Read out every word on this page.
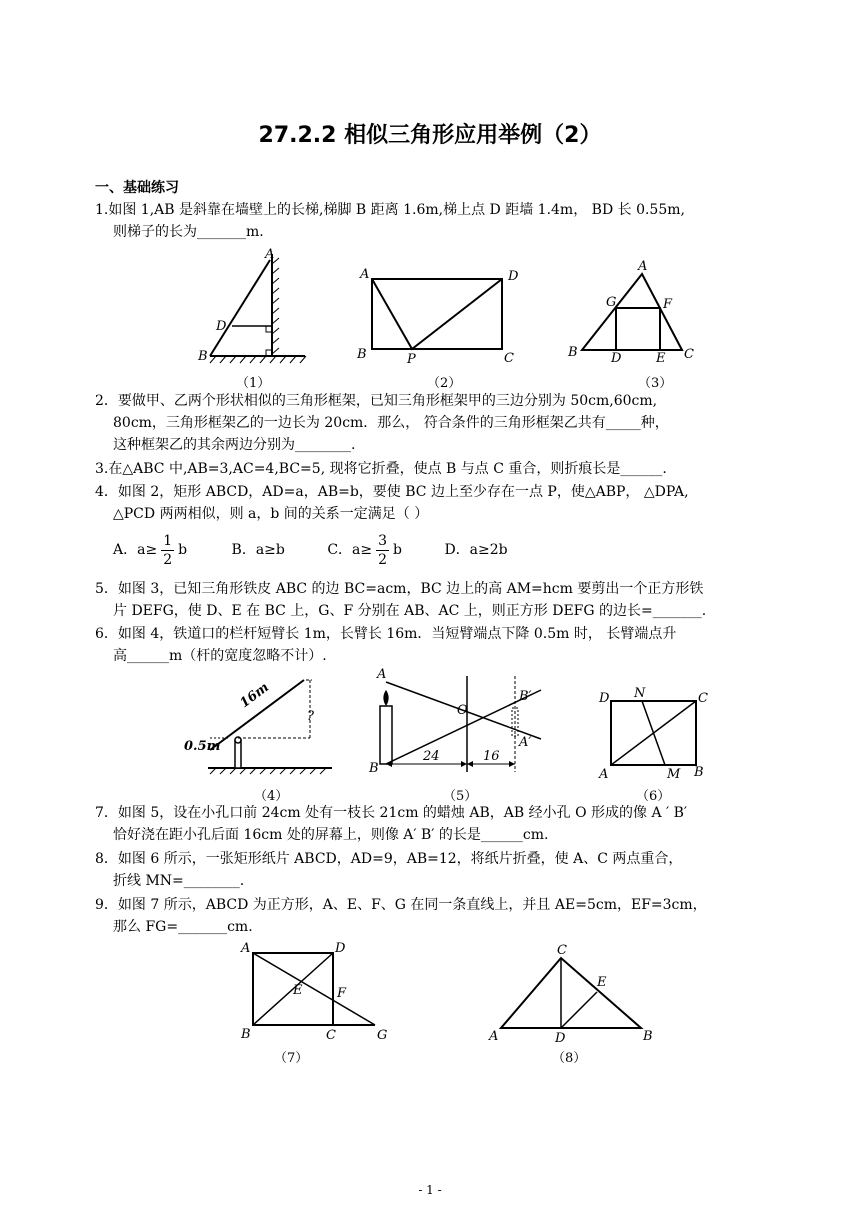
27.2.2 相似三角形应用举例（2）
一、基础练习
1.如图 1,AB 是斜靠在墙壁上的长梯,梯脚 B 距离 1.6m,梯上点 D 距墙 1.4m， BD 长 0.55m,
则梯子的长为_______m.
A
D
B
A	D
B	P	C
A
G	F
B	D	E C
（1）	（2）	（3）
2．要做甲、乙两个形状相似的三角形框架，已知三角形框架甲的三边分别为 50cm,60cm,
80cm，三角形框架乙的一边长为 20cm．那么， 符合条件的三角形框架乙共有_____种，
这种框架乙的其余两边分别为________.
3.在△ABC 中,AB=3,AC=4,BC=5, 现将它折叠，使点 B 与点 C 重合，则折痕长是______.
4．如图 2，矩形 ABCD，AD=a，AB=b，要使 BC 边上至少存在一点 P，使△ABP， △DPA,
△PCD 两两相似，则 a，b 间的关系一定满足（ ）
A．$a\ge \frac{1}{2}$ b	B．a≥b	C．$a\ge \frac{3}{2}$ b	D．a≥2b
5．如图 3，已知三角形铁皮 ABC 的边 BC=acm，BC 边上的高 AM=hcm 要剪出一个正方形铁
片 DEFG，使 D、E 在 BC 上，G、F 分别在 AB、AC 上，则正方形 DEFG 的边长=_______.
6．如图 4，铁道口的栏杆短臂长 1m，长臂长 16m．当短臂端点下降 0.5m 时， 长臂端点升
高______m（杆的宽度忽略不计）.
16m
?
0.5m
A
O
B′
A′
B
24	16
D N	C
A	M B
（4）	（5）	（6）
7．如图 5，设在小孔口前 24cm 处有一枝长 21cm 的蜡烛 AB，AB 经小孔 O 形成的像 A ′ B′
恰好浇在距小孔后面 16cm 处的屏幕上，则像 A′ B′ 的长是______cm.
8．如图 6 所示，一张矩形纸片 ABCD，AD=9，AB=12，将纸片折叠，使 A、C 两点重合，
折线 MN=________.
9．如图 7 所示，ABCD 为正方形，A、E、F、G 在同一条直线上，并且 AE=5cm，EF=3cm，
那么 FG=_______cm.
A	D
E	F
B	C	G
C
E
A	D	B
（7）	（8）
- 1 -
